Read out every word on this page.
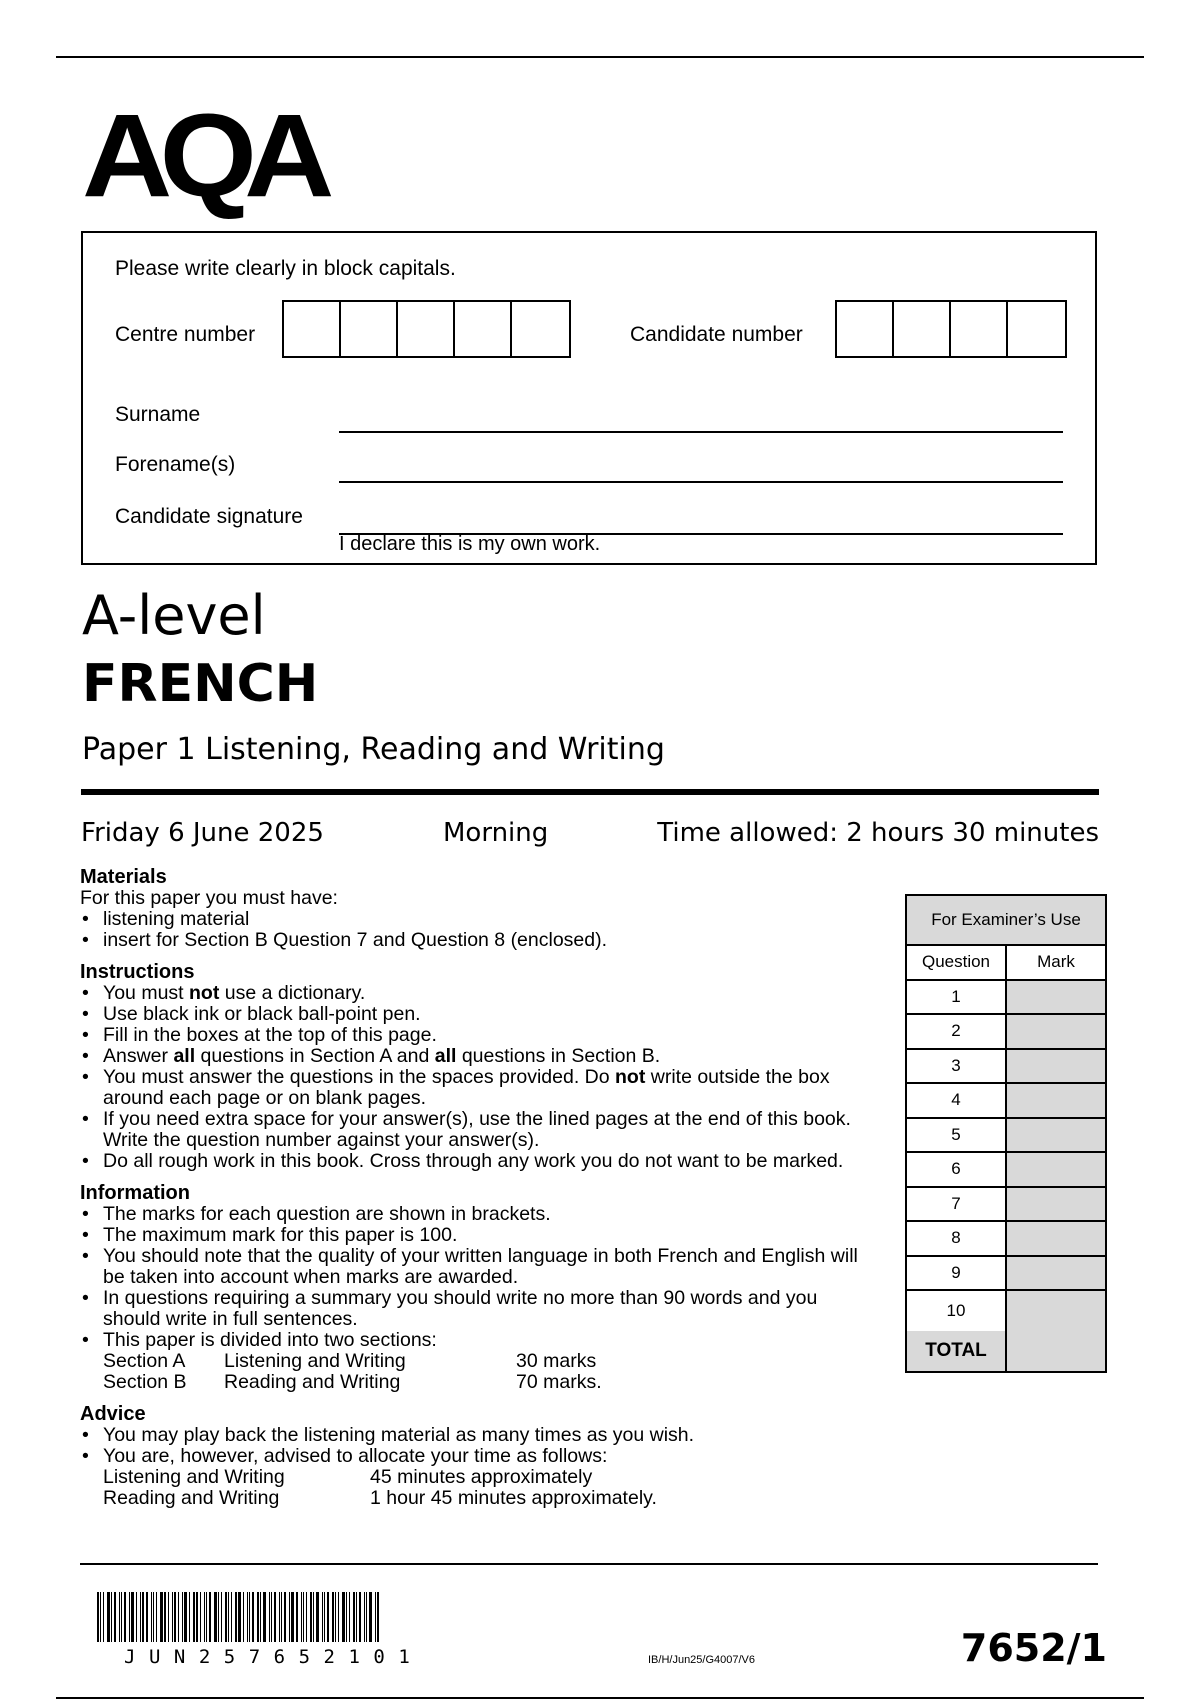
AQA
Please write clearly in block capitals.
Centre number	Candidate number
Surname
Forename(s)
Candidate signature
I declare this is my own work.
A-level
FRENCH
Paper 1 Listening, Reading and Writing
Friday 6 June 2025	Morning	Time allowed: 2 hours 30 minutes
Materials
For this paper you must have:
• listening material
• insert for Section B Question 7 and Question 8 (enclosed).
Instructions
• You must not use a dictionary.
• Use black ink or black ball-point pen.
• Fill in the boxes at the top of this page.
• Answer all questions in Section A and all questions in Section B.
• You must answer the questions in the spaces provided. Do not write outside the box around each page or on blank pages.
• If you need extra space for your answer(s), use the lined pages at the end of this book. Write the question number against your answer(s).
• Do all rough work in this book. Cross through any work you do not want to be marked.
Information
• The marks for each question are shown in brackets.
• The maximum mark for this paper is 100.
• You should note that the quality of your written language in both French and English will be taken into account when marks are awarded.
• In questions requiring a summary you should write no more than 90 words and you should write in full sentences.
• This paper is divided into two sections:
Section A	Listening and Writing	30 marks
Section B	Reading and Writing	70 marks.
Advice
• You may play back the listening material as many times as you wish.
• You are, however, advised to allocate your time as follows:
Listening and Writing	45 minutes approximately
Reading and Writing	1 hour 45 minutes approximately.
For Examiner’s Use
Question	Mark
1
2
3
4
5
6
7
8
9
10
TOTAL
JUN257652101	IB/H/Jun25/G4007/V6	7652/1
